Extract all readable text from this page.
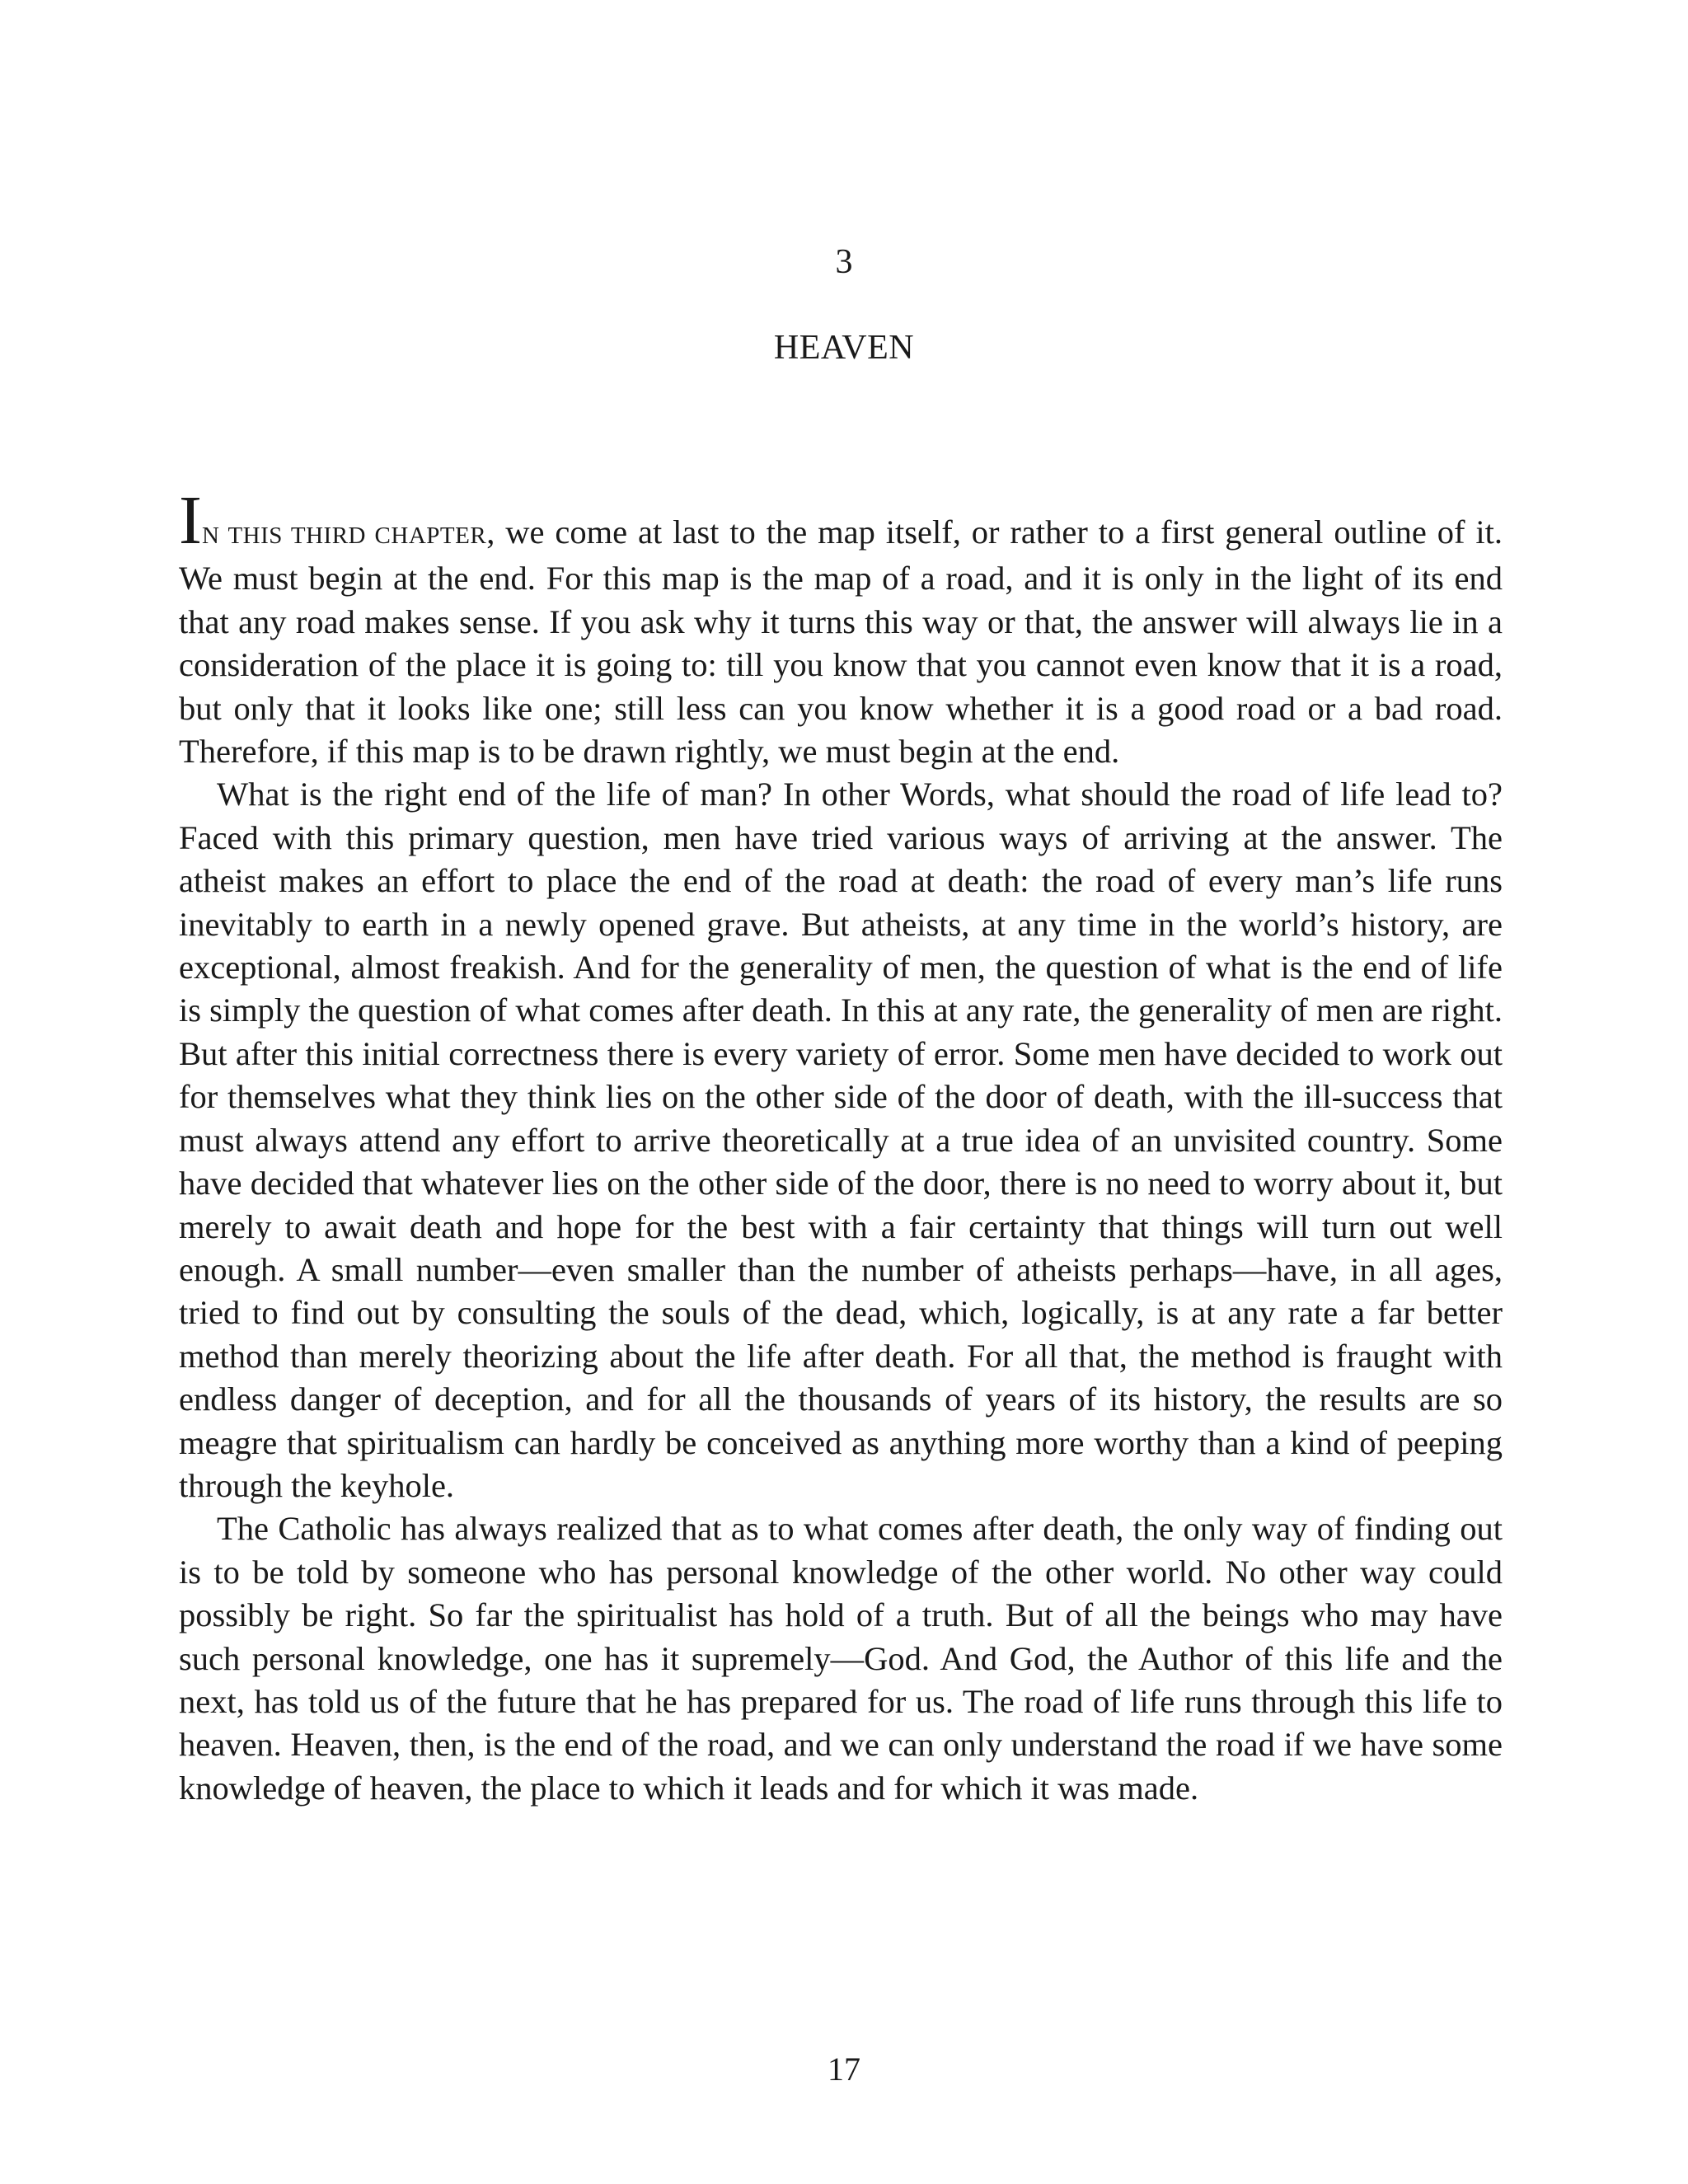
3
HEAVEN

IN THIS THIRD CHAPTER, we come at last to the map itself, or rather to a first general outline of it. We must begin at the end. For this map is the map of a road, and it is only in the light of its end that any road makes sense. If you ask why it turns this way or that, the answer will always lie in a consideration of the place it is going to: till you know that you cannot even know that it is a road, but only that it looks like one; still less can you know whether it is a good road or a bad road. Therefore, if this map is to be drawn rightly, we must begin at the end.

What is the right end of the life of man? In other Words, what should the road of life lead to? Faced with this primary question, men have tried various ways of arriving at the answer. The atheist makes an effort to place the end of the road at death: the road of every man’s life runs inevitably to earth in a newly opened grave. But atheists, at any time in the world’s history, are exceptional, almost freakish. And for the generality of men, the question of what is the end of life is simply the question of what comes after death. In this at any rate, the generality of men are right. But after this initial correctness there is every variety of error. Some men have decided to work out for themselves what they think lies on the other side of the door of death, with the ill-success that must always attend any effort to arrive theoretically at a true idea of an unvisited country. Some have decided that whatever lies on the other side of the door, there is no need to worry about it, but merely to await death and hope for the best with a fair certainty that things will turn out well enough. A small number—even smaller than the number of atheists perhaps—have, in all ages, tried to find out by consulting the souls of the dead, which, logically, is at any rate a far better method than merely theorizing about the life after death. For all that, the method is fraught with endless danger of deception, and for all the thousands of years of its history, the results are so meagre that spiritualism can hardly be conceived as anything more worthy than a kind of peeping through the keyhole.

The Catholic has always realized that as to what comes after death, the only way of finding out is to be told by someone who has personal knowledge of the other world. No other way could possibly be right. So far the spiritualist has hold of a truth. But of all the beings who may have such personal knowledge, one has it supremely—God. And God, the Author of this life and the next, has told us of the future that he has prepared for us. The road of life runs through this life to heaven. Heaven, then, is the end of the road, and we can only understand the road if we have some knowledge of heaven, the place to which it leads and for which it was made.

17
